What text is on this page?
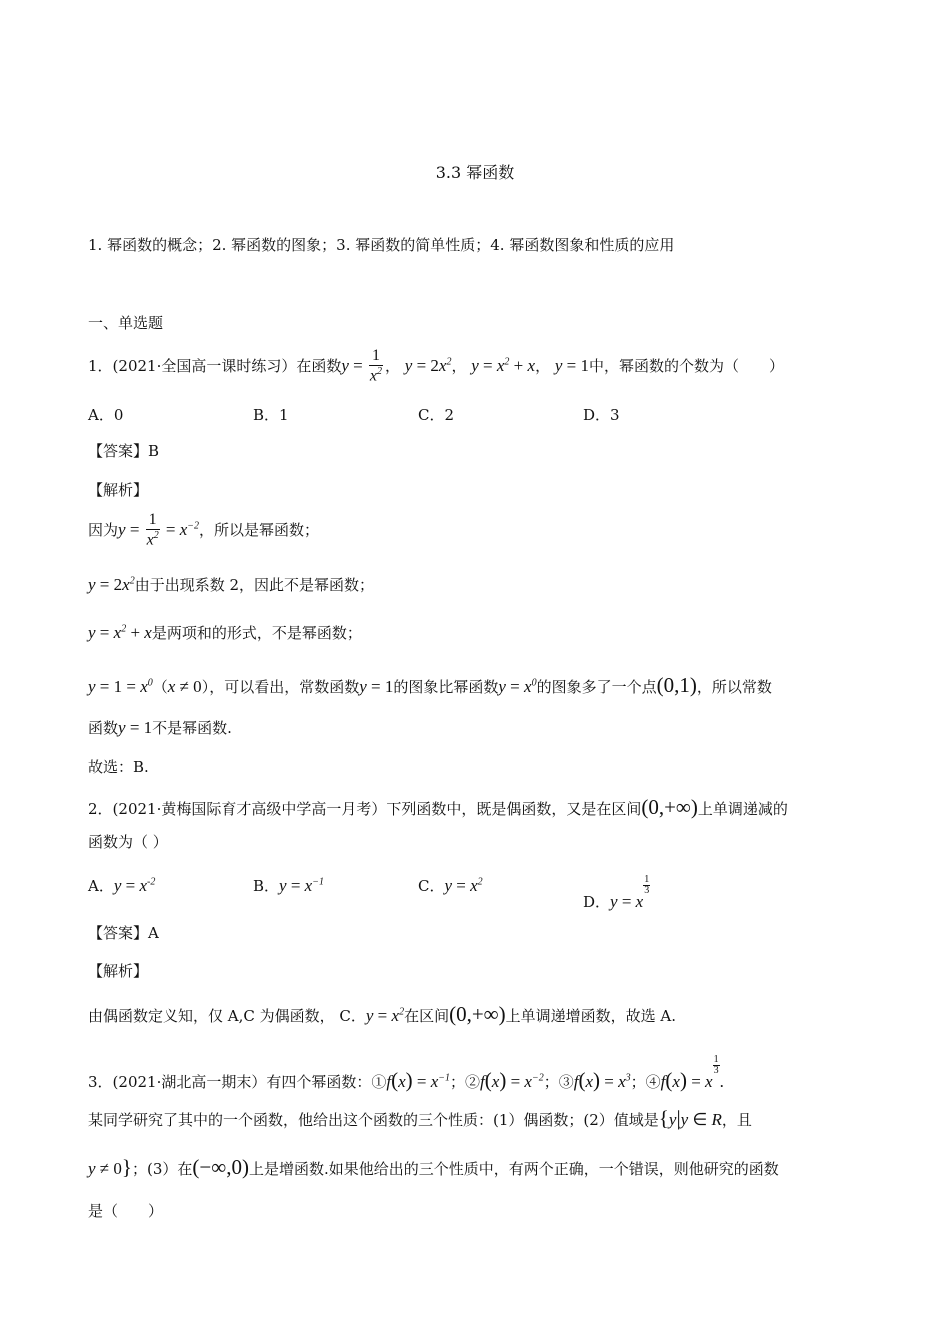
3.3 幂函数
1. 幂函数的概念；2. 幂函数的图象；3. 幂函数的简单性质；4. 幂函数图象和性质的应用
一、单选题
1．(2021·全国高一课时练习）在函数$y = \frac{1}{x^2}$ ， $y = 2x^2$， $y = x^2 + x$， y = 1中，幂函数的个数为（　　）
A．0	B．1	C．2	D．3
【答案】B
【解析】
因为$y = \frac{1}{x^2} = x^{-2}$，所以是幂函数；
$y = 2x^2$由于出现系数 2，因此不是幂函数；
$y = x^2 + x$是两项和的形式，不是幂函数；
$y = 1 = x^0(x \ne 0)$，可以看出，常数函数y = 1的图象比幂函数$y = x^0$的图象多了一个点(0,1)，所以常数
函数y = 1不是幂函数.
故选：B.
2．(2021·黄梅国际育才高级中学高一月考）下列函数中，既是偶函数，又是在区间(0,+∞)上单调递减的
函数为（ ）
A．$y = x^{-2}$	B．$y = x^{-1}$	C．$y = x^2$
D．y = x
$\frac{1}{3}$
【答案】A
【解析】
由偶函数定义知，仅 A,C 为偶函数， C．$y = x^2$在区间(0,+∞)上单调递增函数，故选 A.
3．(2021·湖北高一期末）有四个幂函数：①f(x) = $x^{-1}$；②f(x) = $x^{-2}$；③f(x) = $x^3$；④f(x) = x
$\frac{1}{3}$
.
某同学研究了其中的一个函数，他给出这个函数的三个性质：(1）偶函数；(2）值域是{y|y ∈ R，且
y ≠ 0}；(3）在(−∞,0)上是增函数.如果他给出的三个性质中，有两个正确，一个错误，则他研究的函数
是（　　）
